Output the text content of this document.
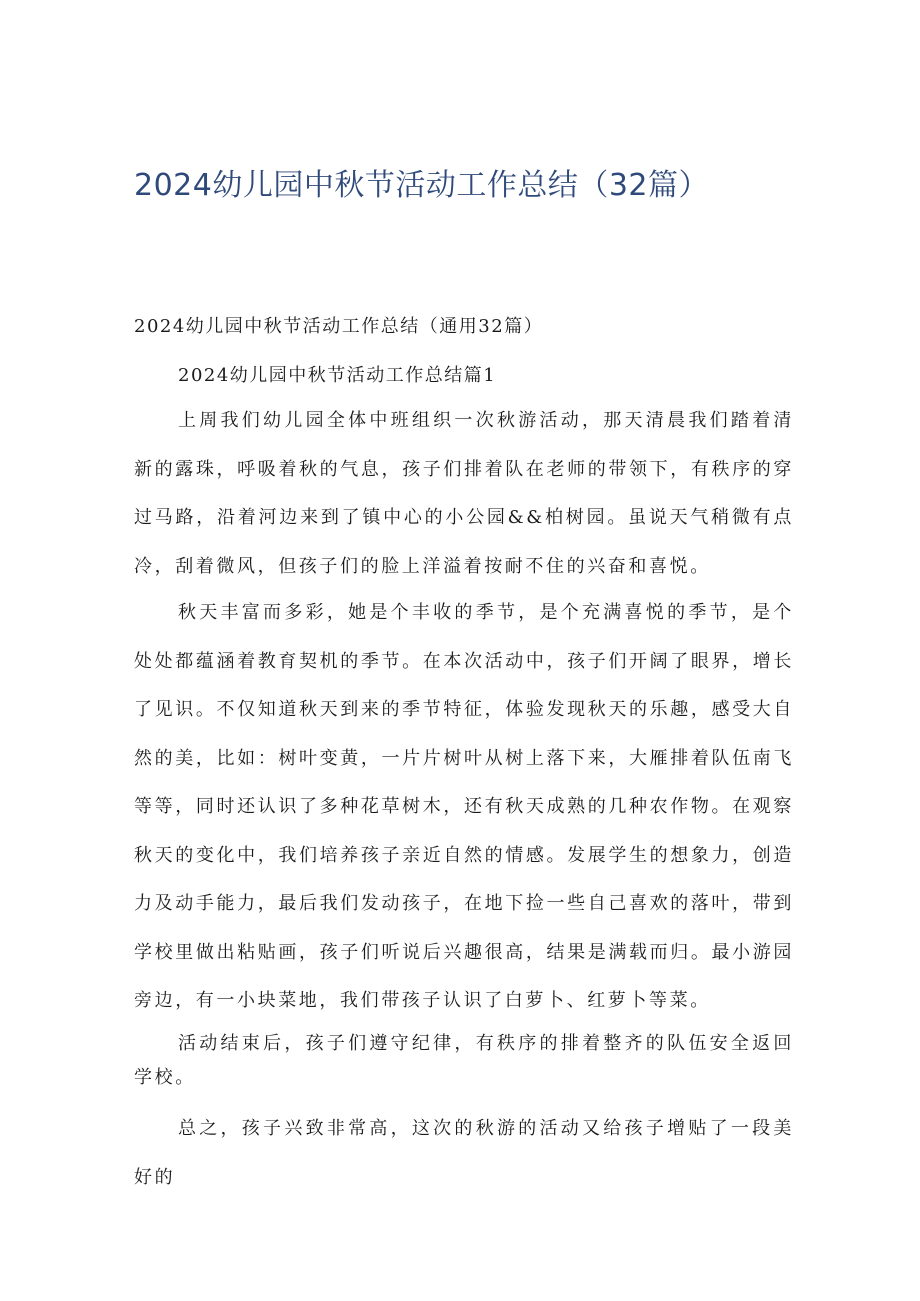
2024幼儿园中秋节活动工作总结（32篇）
2024幼儿园中秋节活动工作总结（通用32篇）
2024幼儿园中秋节活动工作总结篇1

上周我们幼儿园全体中班组织一次秋游活动，那天清晨我们踏着清新的露珠，呼吸着秋的气息，孩子们排着队在老师的带领下，有秩序的穿过马路，沿着河边来到了镇中心的小公园&&柏树园。虽说天气稍微有点冷，刮着微风，但孩子们的脸上洋溢着按耐不住的兴奋和喜悦。

秋天丰富而多彩，她是个丰收的季节，是个充满喜悦的季节，是个处处都蕴涵着教育契机的季节。在本次活动中，孩子们开阔了眼界，增长了见识。不仅知道秋天到来的季节特征，体验发现秋天的乐趣，感受大自然的美，比如：树叶变黄，一片片树叶从树上落下来，大雁排着队伍南飞等等，同时还认识了多种花草树木，还有秋天成熟的几种农作物。在观察秋天的变化中，我们培养孩子亲近自然的情感。发展学生的想象力，创造力及动手能力，最后我们发动孩子，在地下捡一些自己喜欢的落叶，带到学校里做出粘贴画，孩子们听说后兴趣很高，结果是满载而归。最小游园旁边，有一小块菜地，我们带孩子认识了白萝卜、红萝卜等菜。

活动结束后，孩子们遵守纪律，有秩序的排着整齐的队伍安全返回学校。

总之，孩子兴致非常高，这次的秋游的活动又给孩子增贴了一段美好的
